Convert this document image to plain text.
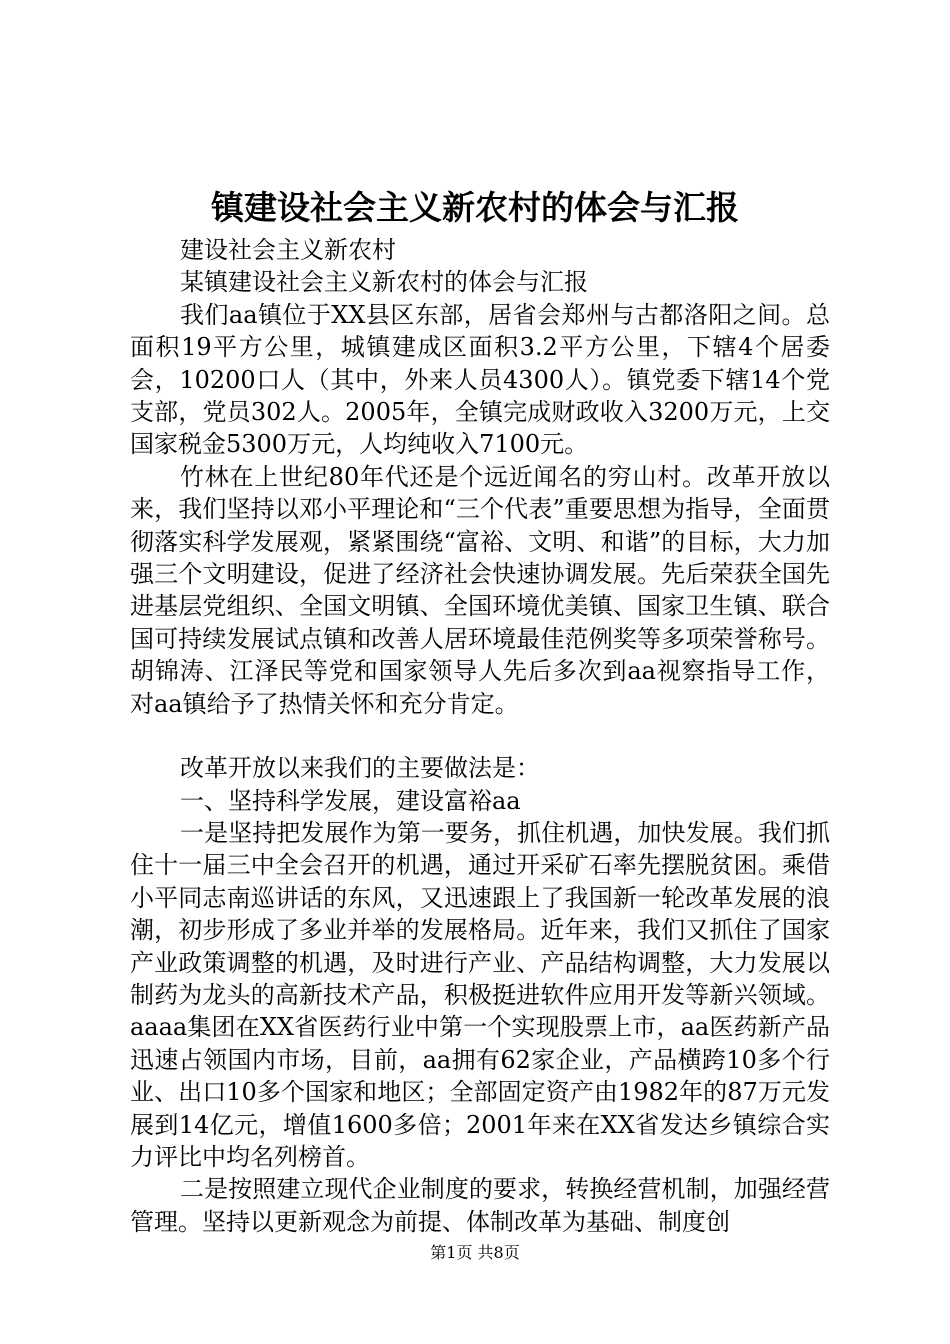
镇建设社会主义新农村的体会与汇报

建设社会主义新农村

某镇建设社会主义新农村的体会与汇报

我们aa镇位于XX县区东部，居省会郑州与古都洛阳之间。总面积19平方公里，城镇建成区面积3.2平方公里，下辖4个居委会，10200口人（其中，外来人员4300人）。镇党委下辖14个党支部，党员302人。2005年，全镇完成财政收入3200万元，上交国家税金5300万元，人均纯收入7100元。

竹林在上世纪80年代还是个远近闻名的穷山村。改革开放以来，我们坚持以邓小平理论和“三个代表”重要思想为指导，全面贯彻落实科学发展观，紧紧围绕“富裕、文明、和谐”的目标，大力加强三个文明建设，促进了经济社会快速协调发展。先后荣获全国先进基层党组织、全国文明镇、全国环境优美镇、国家卫生镇、联合国可持续发展试点镇和改善人居环境最佳范例奖等多项荣誉称号。胡锦涛、江泽民等党和国家领导人先后多次到aa视察指导工作，对aa镇给予了热情关怀和充分肯定。

改革开放以来我们的主要做法是：

一、坚持科学发展，建设富裕aa

一是坚持把发展作为第一要务，抓住机遇，加快发展。我们抓住十一届三中全会召开的机遇，通过开采矿石率先摆脱贫困。乘借小平同志南巡讲话的东风，又迅速跟上了我国新一轮改革发展的浪潮，初步形成了多业并举的发展格局。近年来，我们又抓住了国家产业政策调整的机遇，及时进行产业、产品结构调整，大力发展以制药为龙头的高新技术产品，积极挺进软件应用开发等新兴领域。aaaa集团在XX省医药行业中第一个实现股票上市，aa医药新产品迅速占领国内市场，目前，aa拥有62家企业，产品横跨10多个行业、出口10多个国家和地区；全部固定资产由1982年的87万元发展到14亿元，增值1600多倍；2001年来在XX省发达乡镇综合实力评比中均名列榜首。

二是按照建立现代企业制度的要求，转换经营机制，加强经营管理。坚持以更新观念为前提、体制改革为基础、制度创

第1页 共8页
